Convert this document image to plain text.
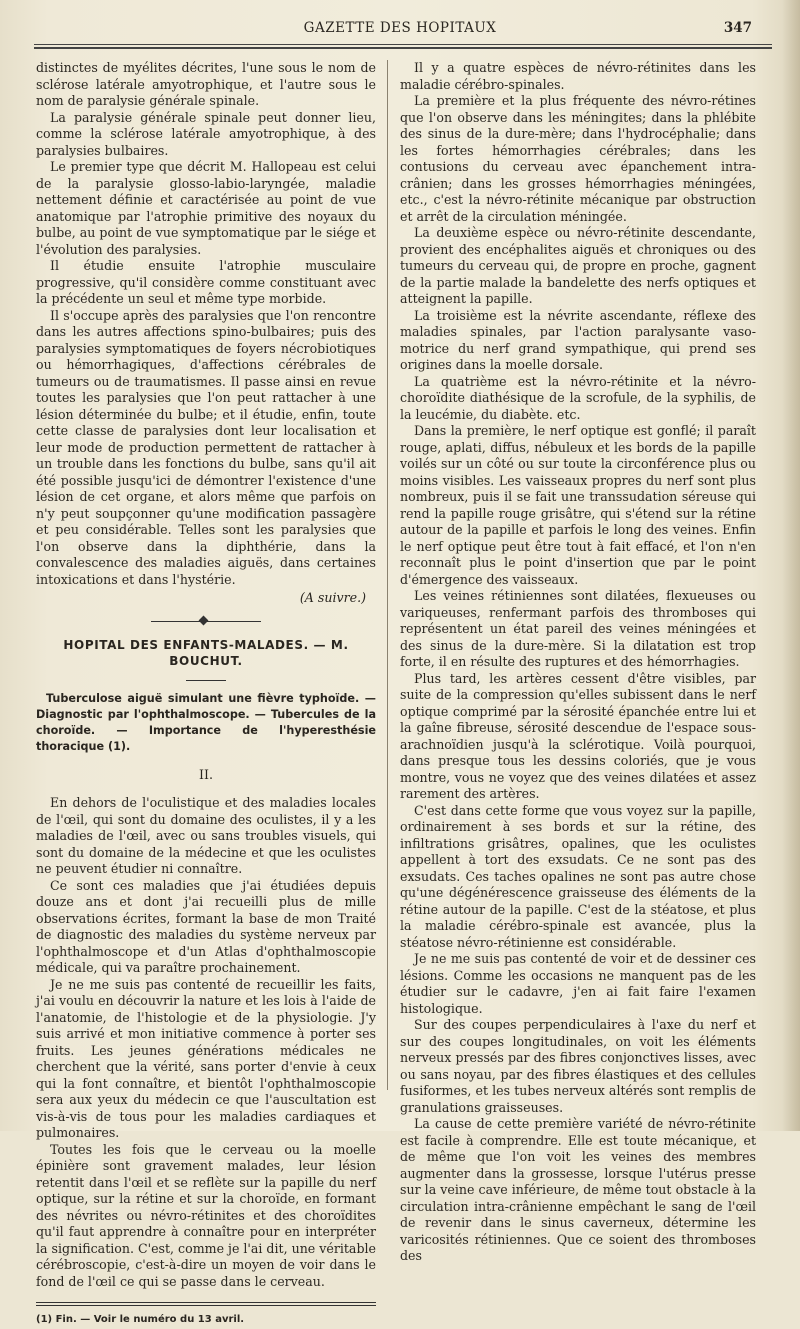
GAZETTE DES HOPITAUX	347

distinctes de myélites décrites, l'une sous le nom de sclérose latérale amyotrophique, et l'autre sous le nom de paralysie générale spinale.

La paralysie générale spinale peut donner lieu, comme la sclérose latérale amyotrophique, à des paralysies bulbaires.

Le premier type que décrit M. Hallopeau est celui de la paralysie glosso-labio-laryngée, maladie nettement définie et caractérisée au point de vue anatomique par l'atrophie primitive des noyaux du bulbe, au point de vue symptomatique par le siége et l'évolution des paralysies.

Il étudie ensuite l'atrophie musculaire progressive, qu'il considère comme constituant avec la précédente un seul et même type morbide.

Il s'occupe après des paralysies que l'on rencontre dans les autres affections spino-bulbaires; puis des paralysies symptomatiques de foyers nécrobiotiques ou hémorrhagiques, d'affections cérébrales de tumeurs ou de traumatismes. Il passe ainsi en revue toutes les paralysies que l'on peut rattacher à une lésion déterminée du bulbe; et il étudie, enfin, toute cette classe de paralysies dont leur localisation et leur mode de production permettent de rattacher à un trouble dans les fonctions du bulbe, sans qu'il ait été possible jusqu'ici de démontrer l'existence d'une lésion de cet organe, et alors même que parfois on n'y peut soupçonner qu'une modification passagère et peu considérable. Telles sont les paralysies que l'on observe dans la diphthérie, dans la convalescence des maladies aiguës, dans certaines intoxications et dans l'hystérie.

(A suivre.)
HOPITAL DES ENFANTS-MALADES. — M. BOUCHUT.
Tuberculose aiguë simulant une fièvre typhoïde. — Diagnostic par l'ophthalmoscope. — Tubercules de la choroïde. — Importance de l'hyperesthésie thoracique (1).
II.

En dehors de l'oculistique et des maladies locales de l'œil, qui sont du domaine des oculistes, il y a les maladies de l'œil, avec ou sans troubles visuels, qui sont du domaine de la médecine et que les oculistes ne peuvent étudier ni connaître.

Ce sont ces maladies que j'ai étudiées depuis douze ans et dont j'ai recueilli plus de mille observations écrites, formant la base de mon Traité de diagnostic des maladies du système nerveux par l'ophthalmoscope et d'un Atlas d'ophthalmoscopie médicale, qui va paraître prochainement.

Je ne me suis pas contenté de recueillir les faits, j'ai voulu en découvrir la nature et les lois à l'aide de l'anatomie, de l'histologie et de la physiologie. J'y suis arrivé et mon initiative commence à porter ses fruits. Les jeunes générations médicales ne cherchent que la vérité, sans porter d'envie à ceux qui la font connaître, et bientôt l'ophthalmoscopie sera aux yeux du médecin ce que l'auscultation est vis-à-vis de tous pour les maladies cardiaques et pulmonaires.

Toutes les fois que le cerveau ou la moelle épinière sont gravement malades, leur lésion retentit dans l'œil et se reflète sur la papille du nerf optique, sur la rétine et sur la choroïde, en formant des névrites ou névro-rétinites et des choroïdites qu'il faut apprendre à connaître pour en interpréter la signification. C'est, comme je l'ai dit, une véritable cérébroscopie, c'est-à-dire un moyen de voir dans le fond de l'œil ce qui se passe dans le cerveau.

(1) Fin. — Voir le numéro du 13 avril.

Il y a quatre espèces de névro-rétinites dans les maladie cérébro-spinales.

La première et la plus fréquente des névro-rétines que l'on observe dans les méningites; dans la phlébite des sinus de la dure-mère; dans l'hydrocéphalie; dans les fortes hémorrhagies cérébrales; dans les contusions du cerveau avec épanchement intra-crânien; dans les grosses hémorrhagies méningées, etc., c'est la névro-rétinite mécanique par obstruction et arrêt de la circulation méningée.

La deuxième espèce ou névro-rétinite descendante, provient des encéphalites aiguës et chroniques ou des tumeurs du cerveau qui, de propre en proche, gagnent de la partie malade la bandelette des nerfs optiques et atteignent la papille.

La troisième est la névrite ascendante, réflexe des maladies spinales, par l'action paralysante vaso-motrice du nerf grand sympathique, qui prend ses origines dans la moelle dorsale.

La quatrième est la névro-rétinite et la névro-choroïdite diathésique de la scrofule, de la syphilis, de la leucémie, du diabète. etc.

Dans la première, le nerf optique est gonflé; il paraît rouge, aplati, diffus, nébuleux et les bords de la papille voilés sur un côté ou sur toute la circonférence plus ou moins visibles. Les vaisseaux propres du nerf sont plus nombreux, puis il se fait une transsudation séreuse qui rend la papille rouge grisâtre, qui s'étend sur la rétine autour de la papille et parfois le long des veines. Enfin le nerf optique peut être tout à fait effacé, et l'on n'en reconnaît plus le point d'insertion que par le point d'émergence des vaisseaux.

Les veines rétiniennes sont dilatées, flexueuses ou variqueuses, renfermant parfois des thromboses qui représentent un état pareil des veines méningées et des sinus de la dure-mère. Si la dilatation est trop forte, il en résulte des ruptures et des hémorrhagies.

Plus tard, les artères cessent d'être visibles, par suite de la compression qu'elles subissent dans le nerf optique comprimé par la sérosité épanchée entre lui et la gaîne fibreuse, sérosité descendue de l'espace sous-arachnoïdien jusqu'à la sclérotique. Voilà pourquoi, dans presque tous les dessins coloriés, que je vous montre, vous ne voyez que des veines dilatées et assez rarement des artères.

C'est dans cette forme que vous voyez sur la papille, ordinairement à ses bords et sur la rétine, des infiltrations grisâtres, opalines, que les oculistes appellent à tort des exsudats. Ce ne sont pas des exsudats. Ces taches opalines ne sont pas autre chose qu'une dégénérescence graisseuse des éléments de la rétine autour de la papille. C'est de la stéatose, et plus la maladie cérébro-spinale est avancée, plus la stéatose névro-rétinienne est considérable.

Je ne me suis pas contenté de voir et de dessiner ces lésions. Comme les occasions ne manquent pas de les étudier sur le cadavre, j'en ai fait faire l'examen histologique.

Sur des coupes perpendiculaires à l'axe du nerf et sur des coupes longitudinales, on voit les éléments nerveux pressés par des fibres conjonctives lisses, avec ou sans noyau, par des fibres élastiques et des cellules fusiformes, et les tubes nerveux altérés sont remplis de granulations graisseuses.

La cause de cette première variété de névro-rétinite est facile à comprendre. Elle est toute mécanique, et de même que l'on voit les veines des membres augmenter dans la grossesse, lorsque l'utérus presse sur la veine cave inférieure, de même tout obstacle à la circulation intra-crânienne empêchant le sang de l'œil de revenir dans le sinus caverneux, détermine les varicosités rétiniennes. Que ce soient des thromboses des
